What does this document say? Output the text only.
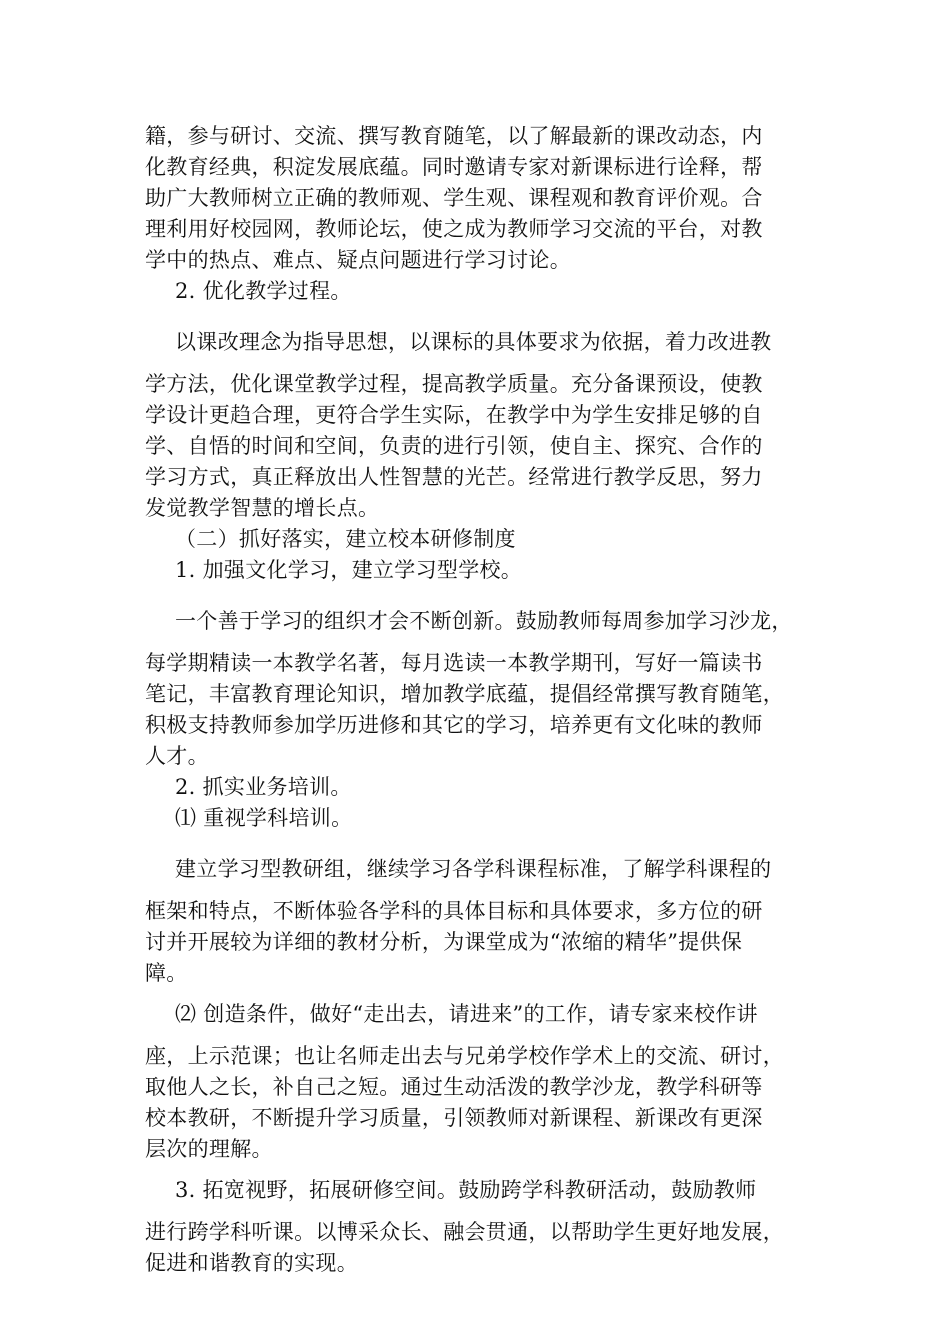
籍，参与研讨、交流、撰写教育随笔，以了解最新的课改动态，内
化教育经典，积淀发展底蕴。同时邀请专家对新课标进行诠释，帮
助广大教师树立正确的教师观、学生观、课程观和教育评价观。合
理利用好校园网，教师论坛，使之成为教师学习交流的平台，对教
学中的热点、难点、疑点问题进行学习讨论。

2. 优化教学过程。

以课改理念为指导思想，以课标的具体要求为依据，着力改进教
学方法，优化课堂教学过程，提高教学质量。充分备课预设，使教
学设计更趋合理，更符合学生实际，在教学中为学生安排足够的自
学、自悟的时间和空间，负责的进行引领，使自主、探究、合作的
学习方式，真正释放出人性智慧的光芒。经常进行教学反思，努力
发觉教学智慧的增长点。

（二）抓好落实，建立校本研修制度

1. 加强文化学习，建立学习型学校。

一个善于学习的组织才会不断创新。鼓励教师每周参加学习沙龙，
每学期精读一本教学名著，每月选读一本教学期刊，写好一篇读书
笔记，丰富教育理论知识，增加教学底蕴，提倡经常撰写教育随笔，
积极支持教师参加学历进修和其它的学习，培养更有文化味的教师
人才。

2. 抓实业务培训。

⑴ 重视学科培训。

建立学习型教研组，继续学习各学科课程标准，了解学科课程的
框架和特点，不断体验各学科的具体目标和具体要求，多方位的研
讨并开展较为详细的教材分析，为课堂成为“浓缩的精华”提供保
障。

⑵ 创造条件，做好“走出去，请进来”的工作，请专家来校作讲
座，上示范课；也让名师走出去与兄弟学校作学术上的交流、研讨，
取他人之长，补自己之短。通过生动活泼的教学沙龙，教学科研等
校本教研，不断提升学习质量，引领教师对新课程、新课改有更深
层次的理解。

3. 拓宽视野，拓展研修空间。鼓励跨学科教研活动，鼓励教师
进行跨学科听课。以博采众长、融会贯通，以帮助学生更好地发展，
促进和谐教育的实现。
